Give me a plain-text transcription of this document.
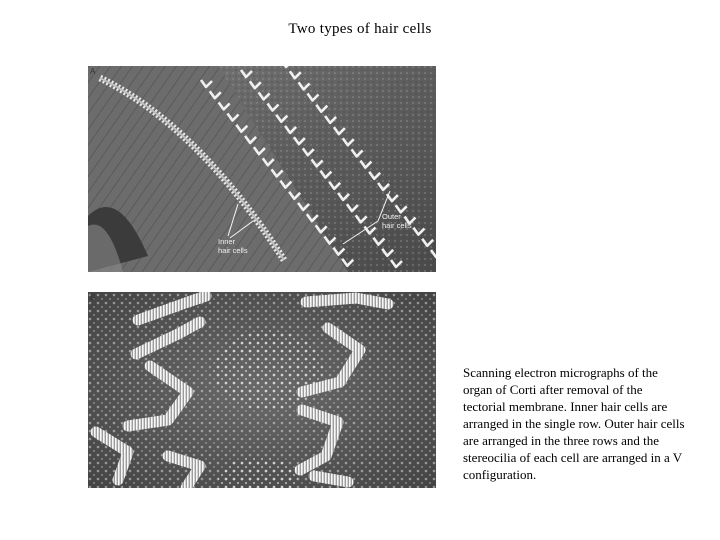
Two types of hair cells
Inner
hair cells
Outer
hair cells
A
B
Scanning electron micrographs of the organ of Corti after removal of the tectorial membrane. Inner hair cells are arranged in the single row. Outer hair cells are arranged in the three rows and the stereocilia of each cell are arranged in a V configuration.
